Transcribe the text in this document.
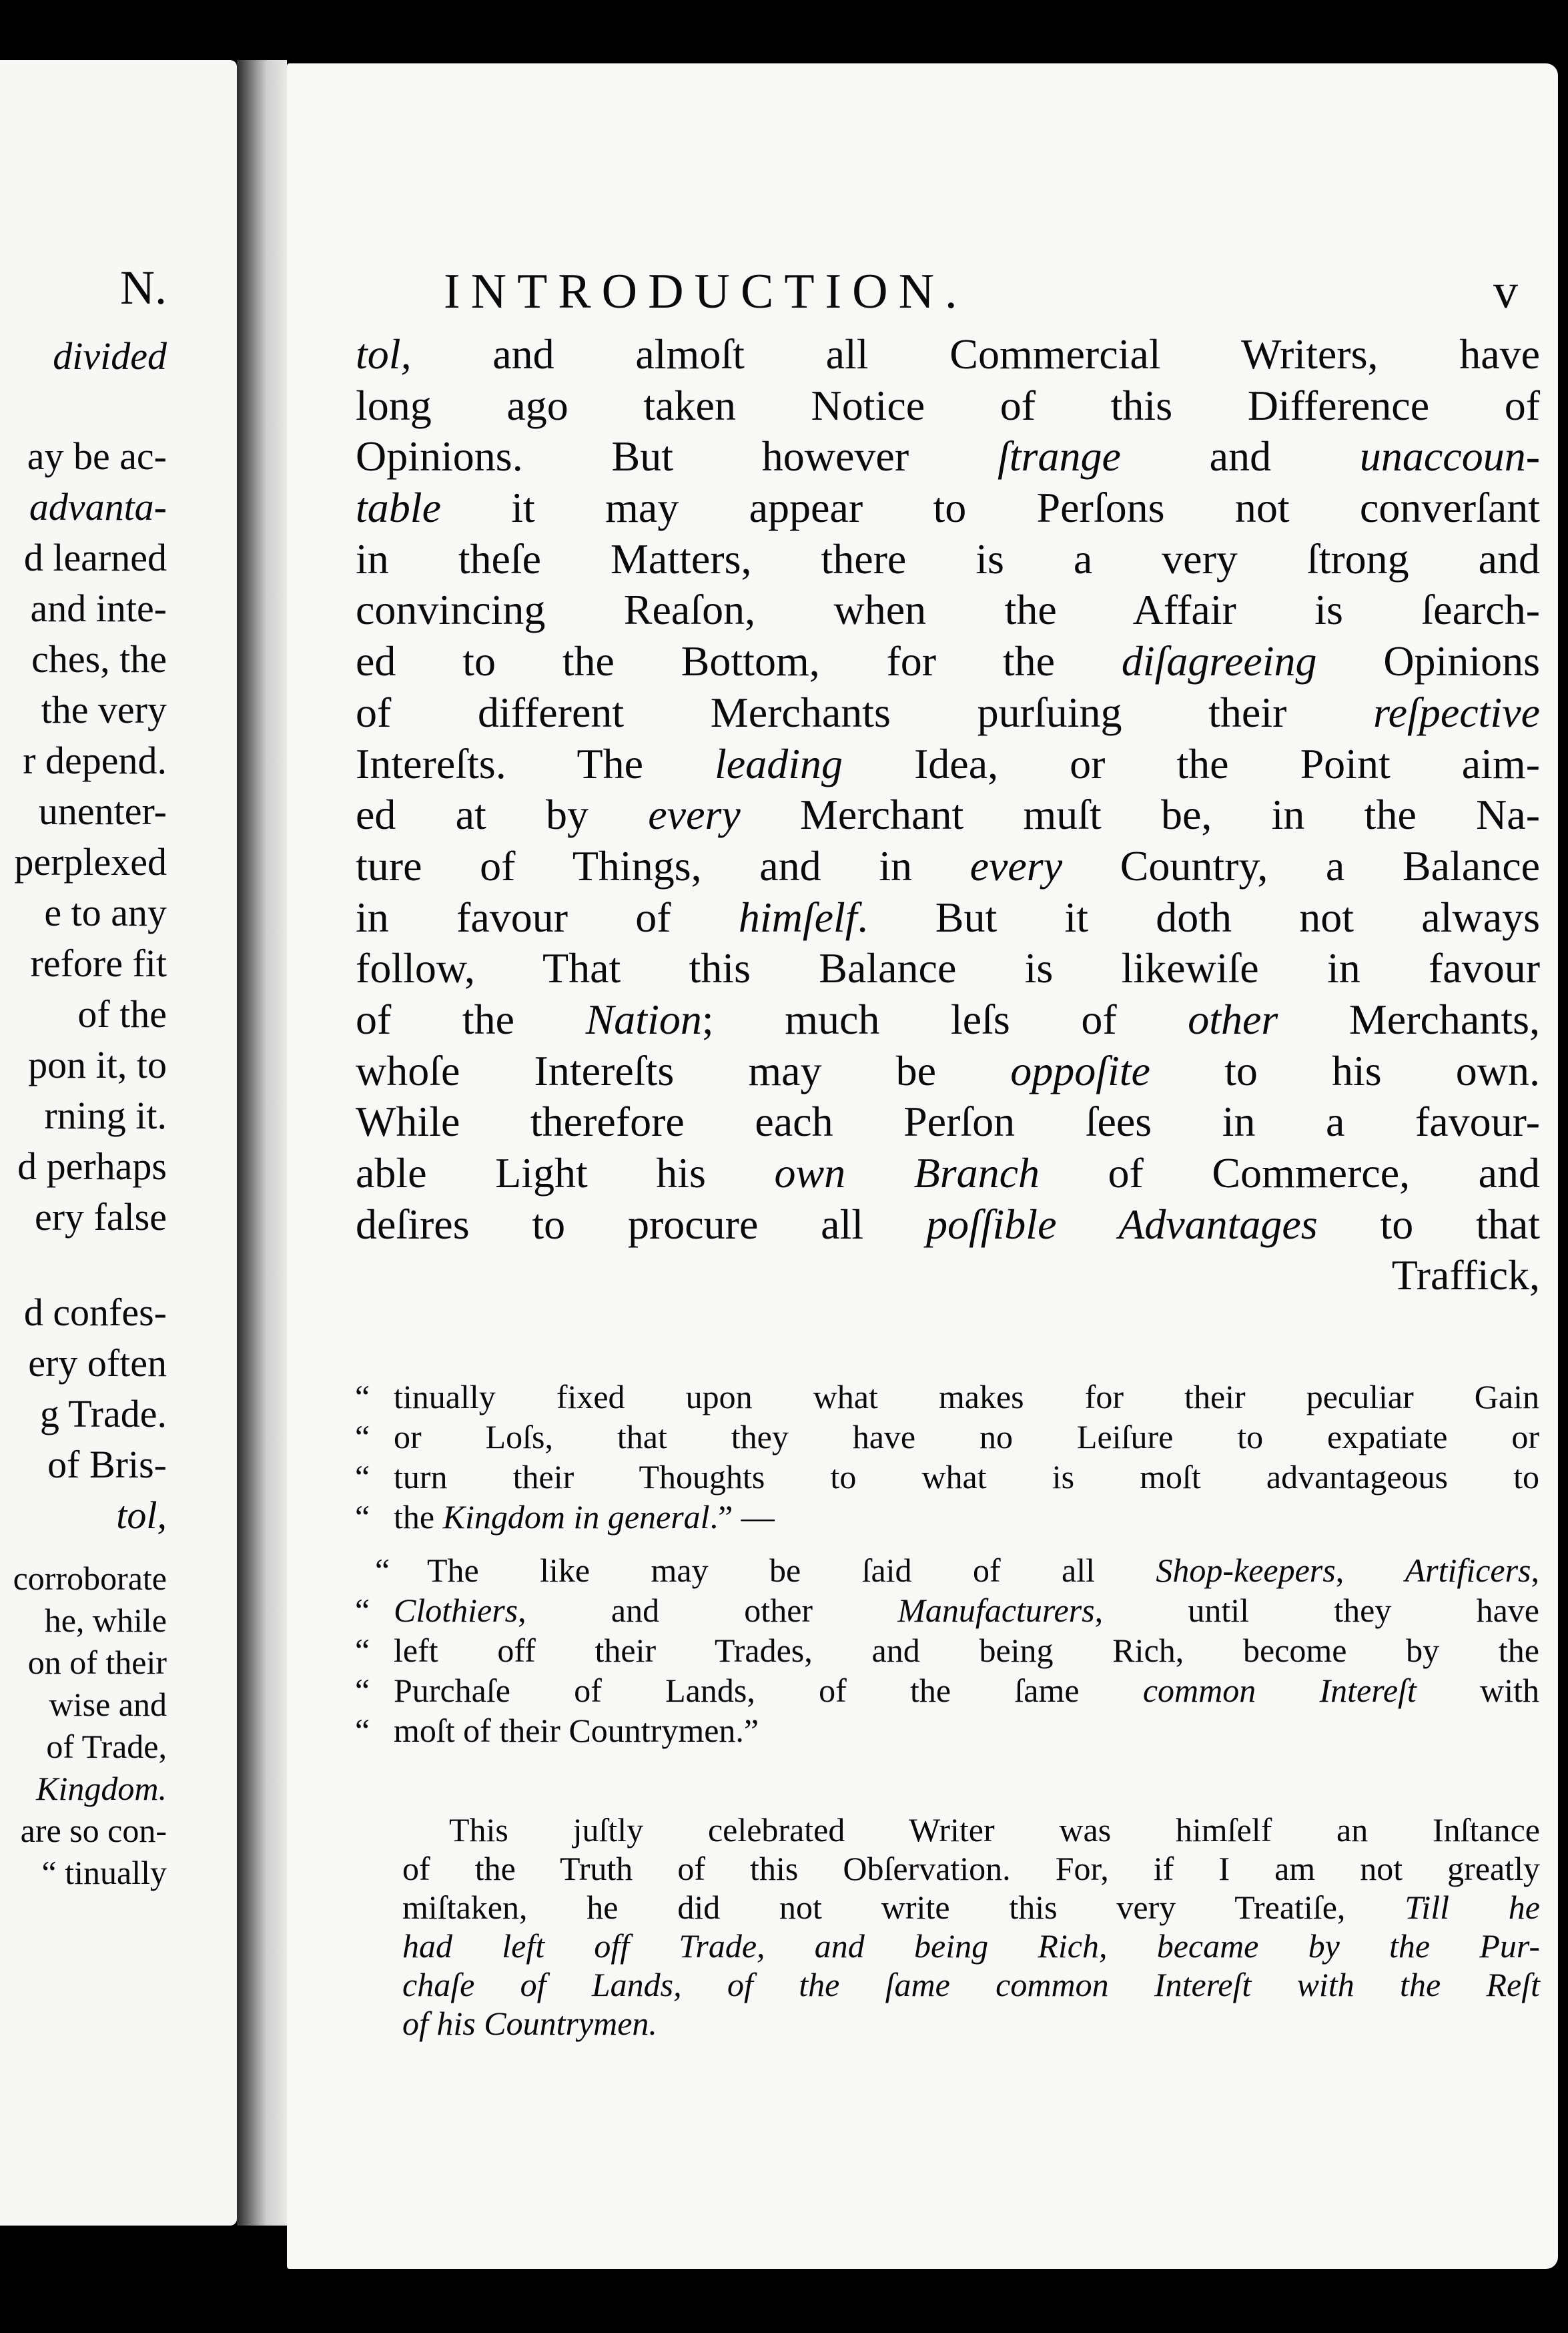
N.
divided
ay be ac-
advanta-
d learned
and inte-
ches, the
the very
r depend.
unenter-
perplexed
e to any
refore fit
of the
pon it, to
rning it.
d perhaps
ery false
d confes-
ery often
g Trade.
of Bris-
tol,
corroborate
he, while
on of their
wise and
of Trade,
Kingdom.
are so con-
“ tinually
INTRODUCTION.	v
tol, and almoſt all Commercial Writers, have
long ago taken Notice of this Difference of
Opinions. But however ſtrange and unaccoun-
table it may appear to Perſons not converſant
in theſe Matters, there is a very ſtrong and
convincing Reaſon, when the Affair is ſearch-
ed to the Bottom, for the diſagreeing Opinions
of different Merchants purſuing their reſpective
Intereſts. The leading Idea, or the Point aim-
ed at by every Merchant muſt be, in the Na-
ture of Things, and in every Country, a Balance
in favour of himſelf. But it doth not always
follow, That this Balance is likewiſe in favour
of the Nation; much leſs of other Merchants,
whoſe Intereſts may be oppoſite to his own.
While therefore each Perſon ſees in a favour-
able Light his own Branch of Commerce, and
deſires to procure all poſſible Advantages to that
Traffick,
“ tinually fixed upon what makes for their peculiar Gain
“ or Loſs, that they have no Leiſure to expatiate or
“ turn their Thoughts to what is moſt advantageous to
“ the Kingdom in general.” —
“ The like may be ſaid of all Shop-keepers, Artificers,
“ Clothiers, and other Manufacturers, until they have
“ left off their Trades, and being Rich, become by the
“ Purchaſe of Lands, of the ſame common Intereſt with
“ moſt of their Countrymen.”
This juſtly celebrated Writer was himſelf an Inſtance
of the Truth of this Obſervation. For, if I am not greatly
miſtaken, he did not write this very Treatiſe, Till he
had left off Trade, and being Rich, became by the Pur-
chaſe of Lands, of the ſame common Intereſt with the Reſt
of his Countrymen.
